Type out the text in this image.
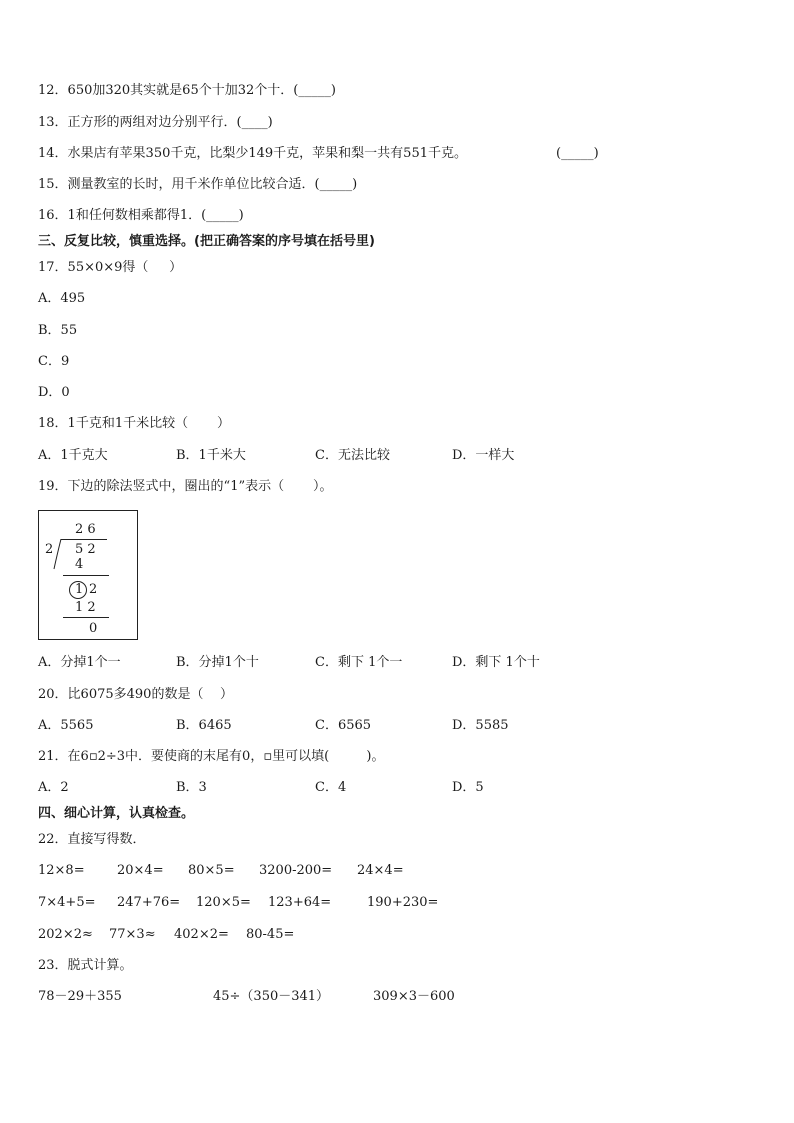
12．650加320其实就是65个十加32个十．(_____)
13．正方形的两组对边分别平行．(____)
14．水果店有苹果350千克，比梨少149千克，苹果和梨一共有551千克。	(_____)
15．测量教室的长时，用千米作单位比较合适．(_____)
16．1和任何数相乘都得1．(_____)
三、反复比较，慎重选择。(把正确答案的序号填在括号里)
17．55×0×9得（     ）
A．495
B．55
C．9
D．0
18．1千克和1千米比较（       ）
A．1千克大	B．1千米大	C．无法比较	D．一样大
19．下边的除法竖式中，圈出的“1”表示（       ）。
2 6
2 5 2
4
1 2
1 2
0
A．分掉1个一	B．分掉1个十	C．剩下 1个一	D．剩下 1个十
20．比6075多490的数是（    ）
A．5565	B．6465	C．6565	D．5585
21．在6▫2÷3中．要使商的末尾有0，▫里可以填(         )。
A．2	B．3	C．4	D．5
四、细心计算，认真检查。
22．直接写得数．
12×8= 20×4= 80×5= 3200-200= 24×4=
7×4+5= 247+76= 120×5= 123+64=	190+230=
202×2≈ 77×3≈ 402×2= 80-45=
23．脱式计算。
78－29＋355	45÷（350－341）	309×3－600
